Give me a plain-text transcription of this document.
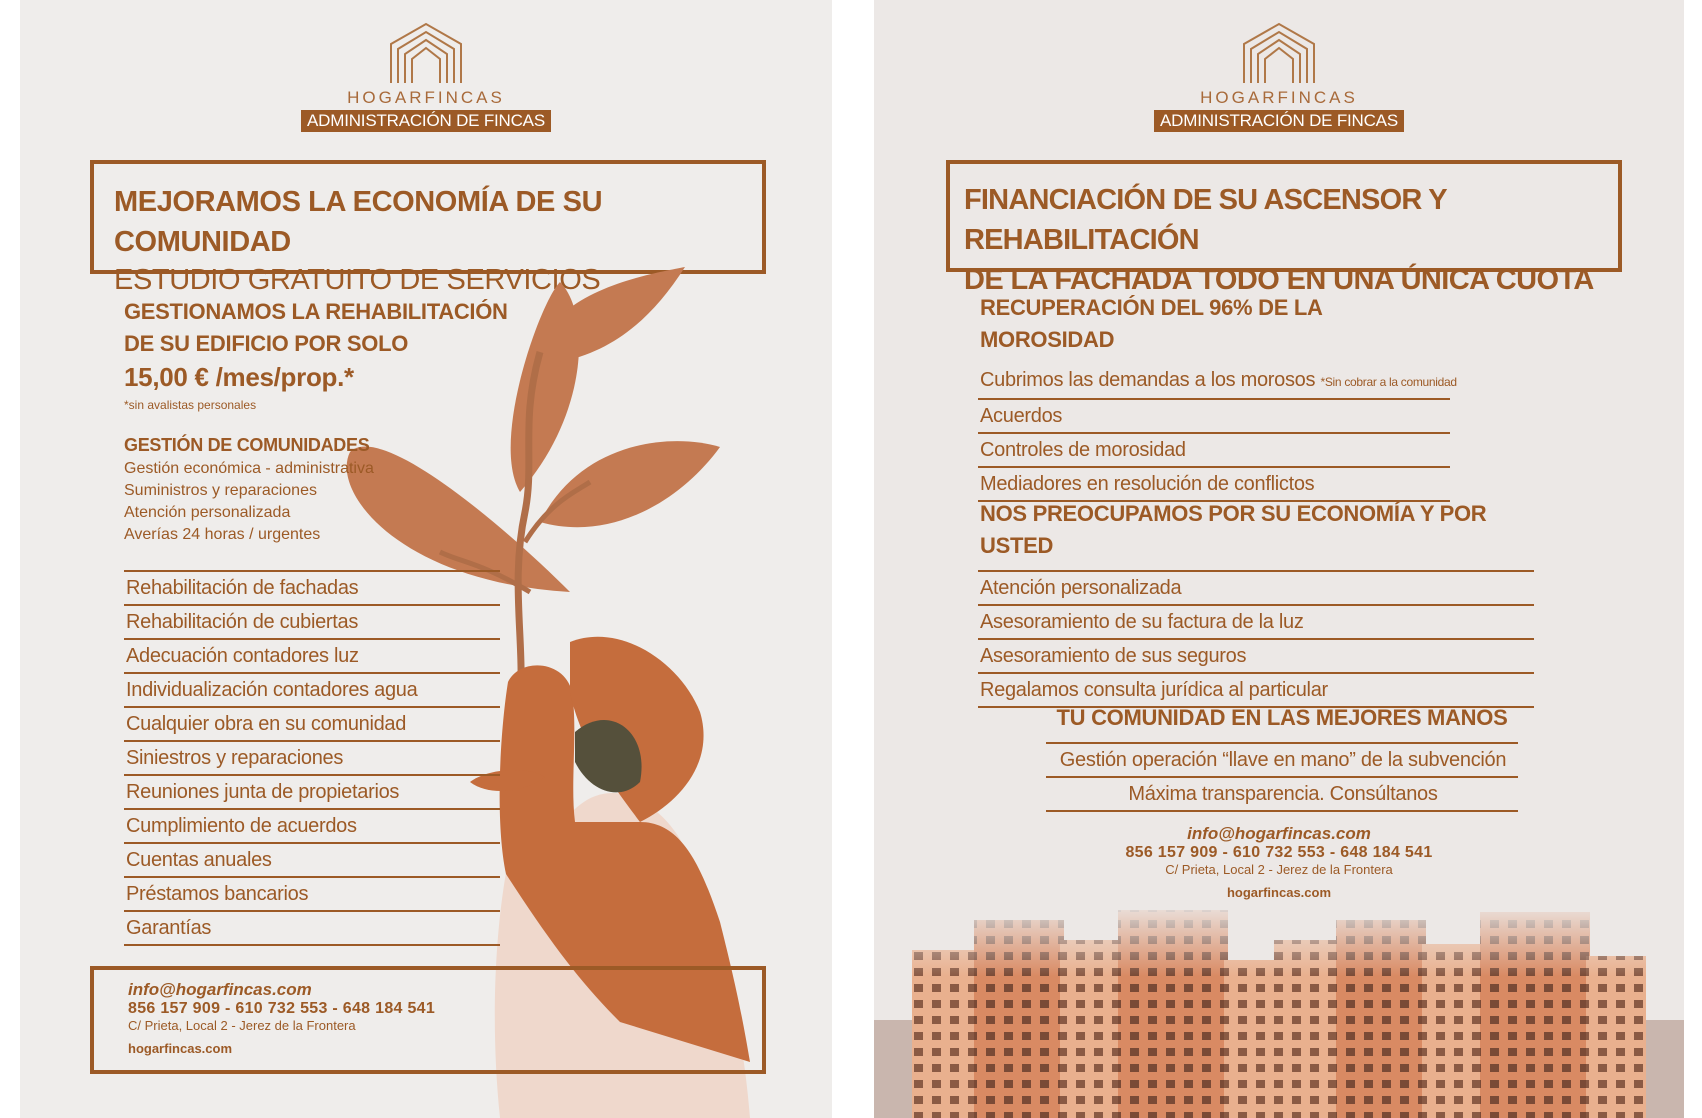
HOGARFINCAS
ADMINISTRACIÓN DE FINCAS
MEJORAMOS LA ECONOMÍA DE SU COMUNIDAD
ESTUDIO GRATUITO DE SERVICIOS
GESTIONAMOS LA REHABILITACIÓN
DE SU EDIFICIO POR SOLO
15,00 € /mes/prop.*
*sin avalistas personales
GESTIÓN DE COMUNIDADES
Gestión económica - administrativa
Suministros y reparaciones
Atención personalizada
Averías 24 horas / urgentes
Rehabilitación de fachadas
Rehabilitación de cubiertas
Adecuación contadores luz
Individualización contadores agua
Cualquier obra en su comunidad
Siniestros y reparaciones
Reuniones junta de propietarios
Cumplimiento de acuerdos
Cuentas anuales
Préstamos bancarios
Garantías
info@hogarfincas.com
856 157 909 - 610 732 553 - 648 184 541
C/ Prieta, Local 2 - Jerez de la Frontera
hogarfincas.com
HOGARFINCAS
ADMINISTRACIÓN DE FINCAS
FINANCIACIÓN DE SU ASCENSOR Y REHABILITACIÓN
DE LA FACHADA TODO EN UNA ÚNICA CUOTA
RECUPERACIÓN DEL 96% DE LA MOROSIDAD
Cubrimos las demandas a los morosos *Sin cobrar a la comunidad
Acuerdos
Controles de morosidad
Mediadores en resolución de conflictos
NOS PREOCUPAMOS POR SU ECONOMÍA Y POR USTED
Atención personalizada
Asesoramiento de su factura de la luz
Asesoramiento de sus seguros
Regalamos consulta jurídica al particular
TU COMUNIDAD EN LAS MEJORES MANOS
Gestión operación “llave en mano” de la subvención
Máxima transparencia. Consúltanos
info@hogarfincas.com
856 157 909 - 610 732 553 - 648 184 541
C/ Prieta, Local 2 - Jerez de la Frontera
hogarfincas.com
